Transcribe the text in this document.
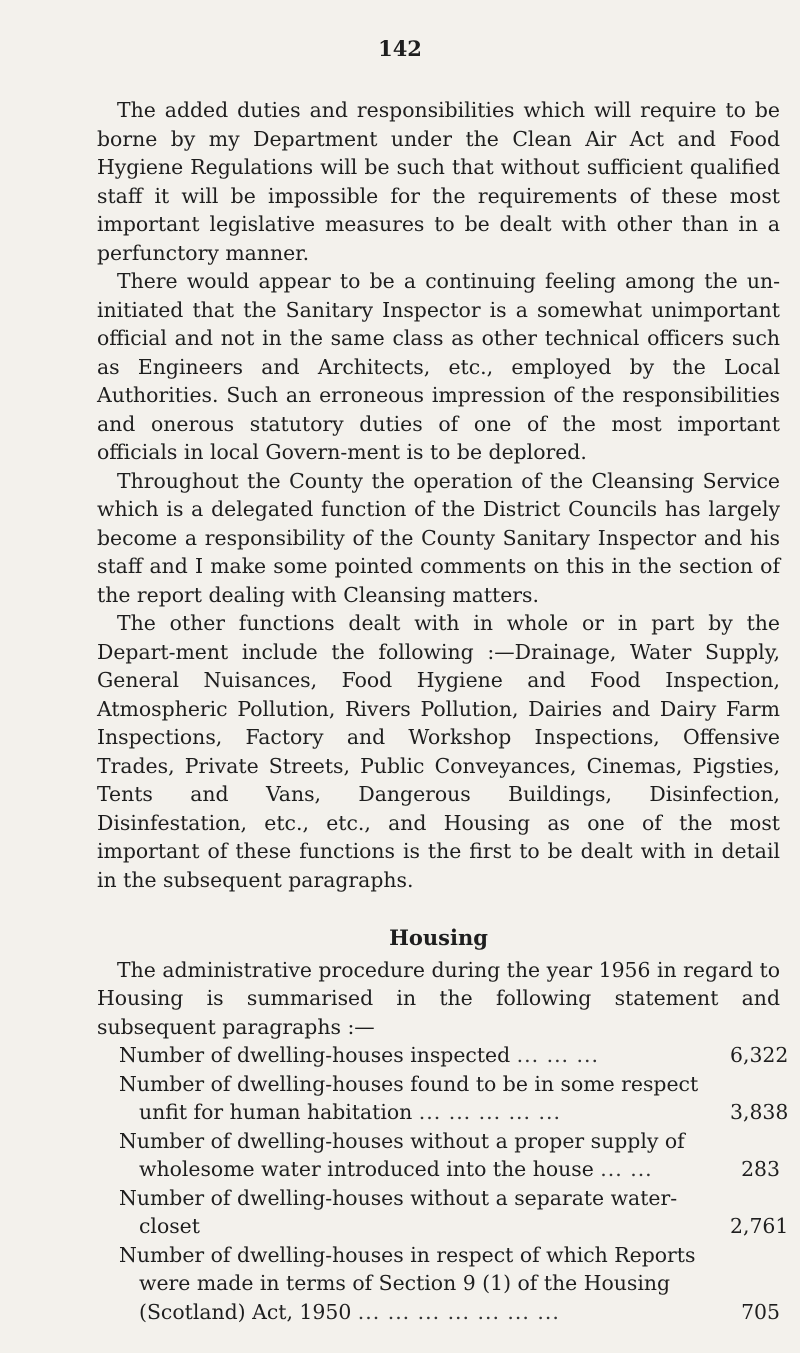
142

The added duties and responsibilities which will require to be borne by my Department under the Clean Air Act and Food Hygiene Regulations will be such that without sufficient qualified staff it will be impossible for the requirements of these most important legislative measures to be dealt with other than in a perfunctory manner.

There would appear to be a continuing feeling among the un-initiated that the Sanitary Inspector is a somewhat unimportant official and not in the same class as other technical officers such as Engineers and Architects, etc., employed by the Local Authorities. Such an erroneous impression of the responsibilities and onerous statutory duties of one of the most important officials in local Govern-ment is to be deplored.

Throughout the County the operation of the Cleansing Service which is a delegated function of the District Councils has largely become a responsibility of the County Sanitary Inspector and his staff and I make some pointed comments on this in the section of the report dealing with Cleansing matters.

The other functions dealt with in whole or in part by the Depart-ment include the following :—Drainage, Water Supply, General Nuisances, Food Hygiene and Food Inspection, Atmospheric Pollution, Rivers Pollution, Dairies and Dairy Farm Inspections, Factory and Workshop Inspections, Offensive Trades, Private Streets, Public Conveyances, Cinemas, Pigsties, Tents and Vans, Dangerous Buildings, Disinfection, Disinfestation, etc., etc., and Housing as one of the most important of these functions is the first to be dealt with in detail in the subsequent paragraphs.

Housing

The administrative procedure during the year 1956 in regard to Housing is summarised in the following statement and subsequent paragraphs :—

Number of dwelling-houses inspected ... ... ...	6,322
Number of dwelling-houses found to be in some respect unfit for human habitation ... ... ... ... ...	3,838
Number of dwelling-houses without a proper supply of wholesome water introduced into the house ... ...	283
Number of dwelling-houses without a separate water-closet	2,761
Number of dwelling-houses in respect of which Reports were made in terms of Section 9 (1) of the Housing (Scotland) Act, 1950 ... ... ... ... ... ... ...	705
